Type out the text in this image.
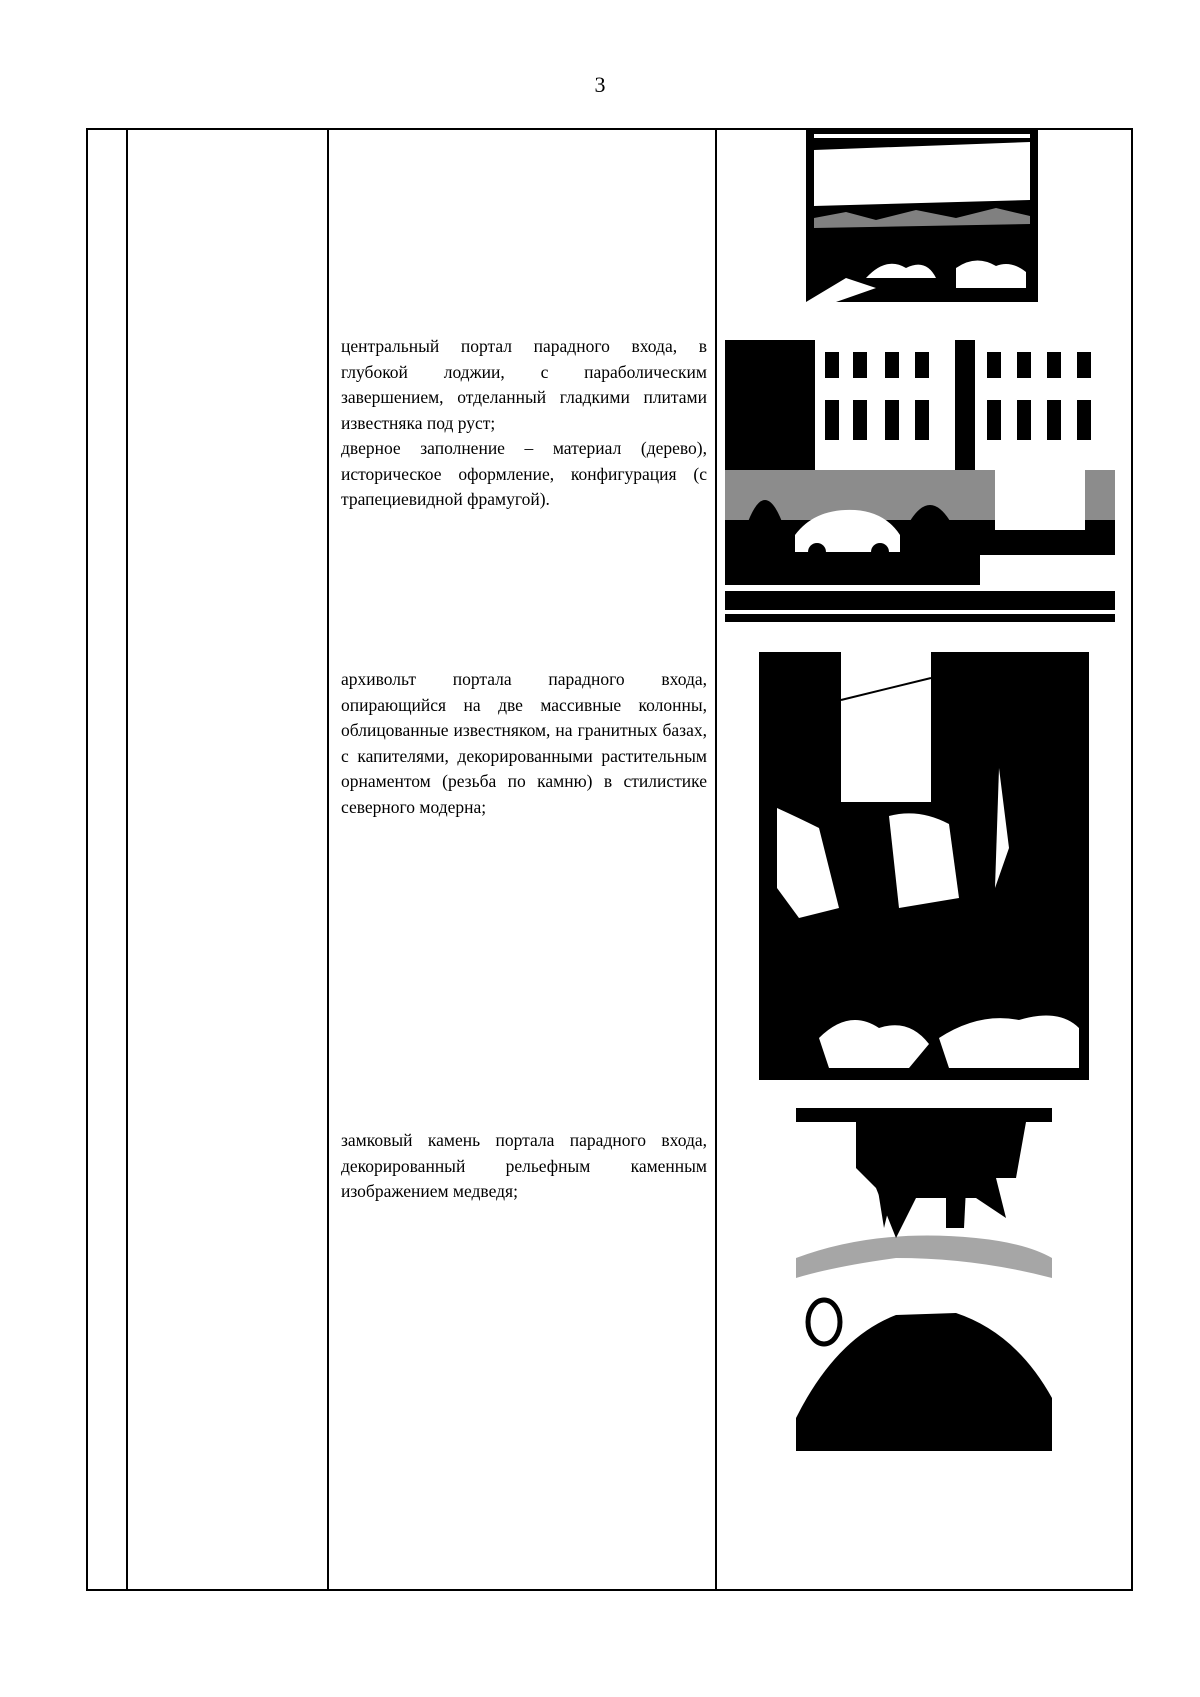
3

центральный портал парадного входа, в глубокой лоджии, с параболическим завершением, отделанный гладкими плитами известняка под руст;

дверное заполнение – материал (дерево), историческое оформление, конфигурация (с трапециевидной фрамугой).

архивольт портала парадного входа, опирающийся на две массивные колонны, облицованные известняком, на гранитных базах, с капителями, декорированными растительным орнаментом (резьба по камню) в стилистике северного модерна;

замковый камень портала парадного входа, декорированный рельефным каменным изображением медведя;
